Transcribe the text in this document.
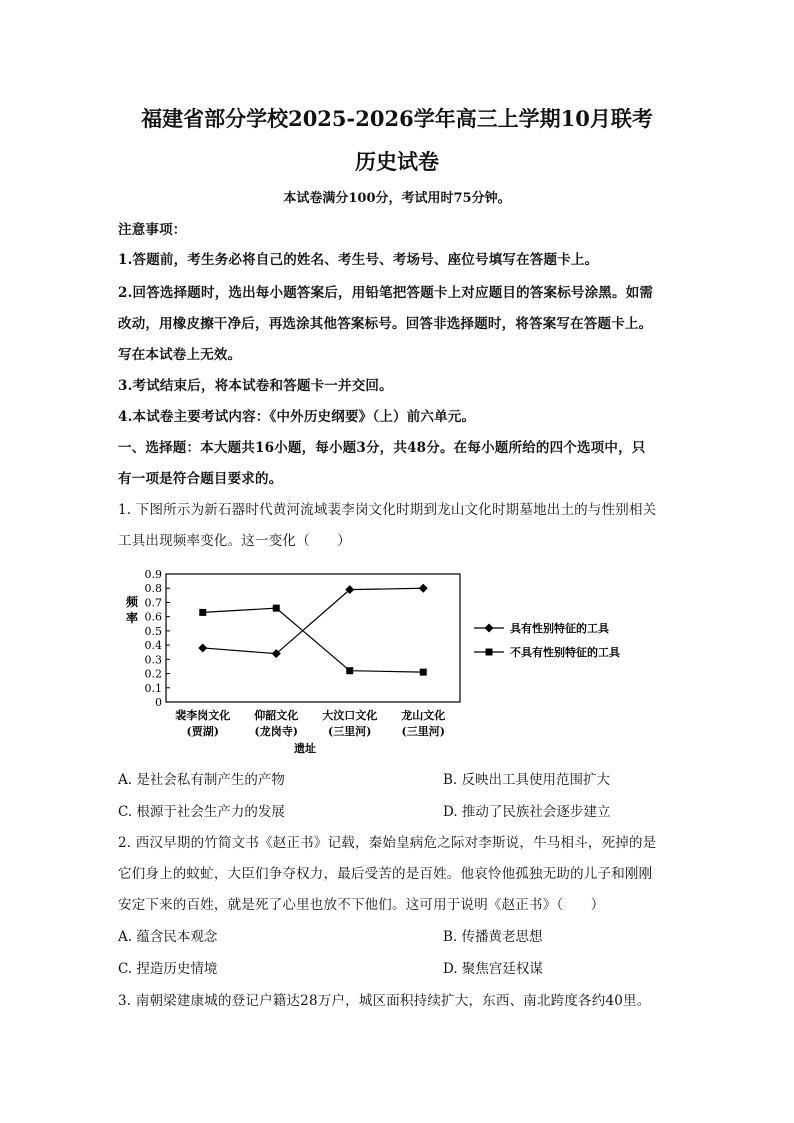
福建省部分学校2025-2026学年高三上学期10月联考
历史试卷
本试卷满分100分，考试用时75分钟。
注意事项：
1.答题前，考生务必将自己的姓名、考生号、考场号、座位号填写在答题卡上。
2.回答选择题时，选出每小题答案后，用铅笔把答题卡上对应题目的答案标号涂黑。如需
改动，用橡皮擦干净后，再选涂其他答案标号。回答非选择题时，将答案写在答题卡上。
写在本试卷上无效。
3.考试结束后，将本试卷和答题卡一并交回。
4.本试卷主要考试内容：《中外历史纲要》（上）前六单元。
一、选择题：本大题共16小题，每小题3分，共48分。在每小题所给的四个选项中，只
有一项是符合题目要求的。
1. 下图所示为新石器时代黄河流域裴李岗文化时期到龙山文化时期墓地出土的与性别相关
工具出现频率变化。这一变化（　　）
0
0.1
0.2
0.3
0.4
0.5
0.6
0.7
0.8
0.9
频
率
裴李岗文化
(贾湖)
仰韶文化
(龙岗寺)
大汶口文化
(三里河)
龙山文化
(三里河)
遗址
具有性别特征的工具
不具有性别特征的工具
A. 是社会私有制产生的产物	B. 反映出工具使用范围扩大
C. 根源于社会生产力的发展	D. 推动了民族社会逐步建立
2. 西汉早期的竹简文书《赵正书》记载，秦始皇病危之际对李斯说，牛马相斗，死掉的是
它们身上的蚊虻，大臣们争夺权力，最后受苦的是百姓。他哀怜他孤独无助的儿子和刚刚
安定下来的百姓，就是死了心里也放不下他们。这可用于说明《赵正书》（　　）
A. 蕴含民本观念	B. 传播黄老思想
C. 捏造历史情境	D. 聚焦宫廷权谋
3. 南朝梁建康城的登记户籍达28万户，城区面积持续扩大，东西、南北跨度各约40里。
